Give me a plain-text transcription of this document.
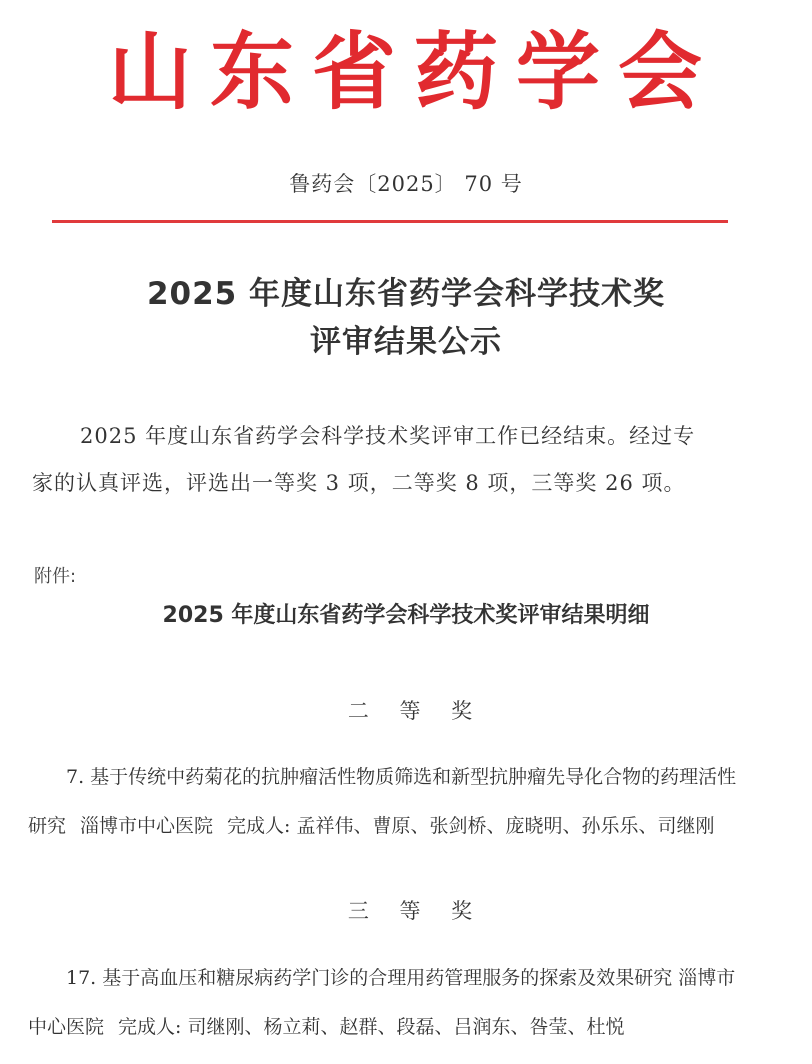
山东省药学会
鲁药会〔2025〕 70 号
2025 年度山东省药学会科学技术奖
评审结果公示
2025 年度山东省药学会科学技术奖评审工作已经结束。经过专
家的认真评选，评选出一等奖 3 项，二等奖 8 项，三等奖 26 项。
附件:
2025 年度山东省药学会科学技术奖评审结果明细
二 等 奖
7. 基于传统中药菊花的抗肿瘤活性物质筛选和新型抗肿瘤先导化合物的药理活性
研究 淄博市中心医院 完成人: 孟祥伟、曹原、张剑桥、庞晓明、孙乐乐、司继刚
三 等 奖
17. 基于高血压和糖尿病药学门诊的合理用药管理服务的探索及效果研究 淄博市
中心医院 完成人: 司继刚、杨立莉、赵群、段磊、吕润东、咎莹、杜悦
